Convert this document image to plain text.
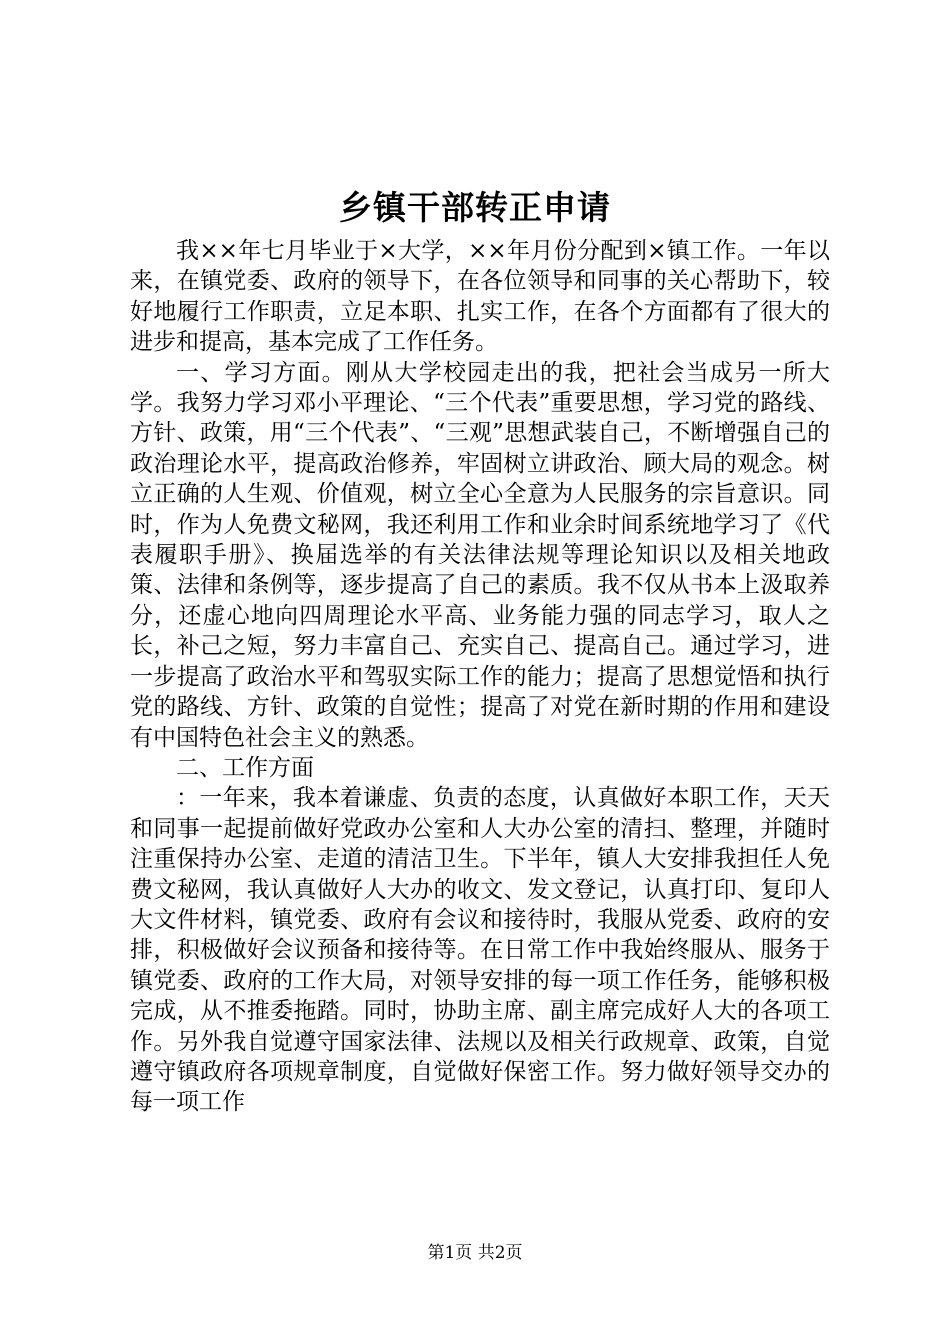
乡镇干部转正申请

我××年七月毕业于×大学，××年月份分配到×镇工作。一年以来，在镇党委、政府的领导下，在各位领导和同事的关心帮助下，较好地履行工作职责，立足本职、扎实工作，在各个方面都有了很大的进步和提高，基本完成了工作任务。

一、学习方面。刚从大学校园走出的我，把社会当成另一所大学。我努力学习邓小平理论、“三个代表”重要思想，学习党的路线、方针、政策，用“三个代表”、“三观”思想武装自己，不断增强自己的政治理论水平，提高政治修养，牢固树立讲政治、顾大局的观念。树立正确的人生观、价值观，树立全心全意为人民服务的宗旨意识。同时，作为人免费文秘网，我还利用工作和业余时间系统地学习了《代表履职手册》、换届选举的有关法律法规等理论知识以及相关地政策、法律和条例等，逐步提高了自己的素质。我不仅从书本上汲取养分，还虚心地向四周理论水平高、业务能力强的同志学习，取人之长，补己之短，努力丰富自己、充实自己、提高自己。通过学习，进一步提高了政治水平和驾驭实际工作的能力；提高了思想觉悟和执行党的路线、方针、政策的自觉性；提高了对党在新时期的作用和建设有中国特色社会主义的熟悉。

二、工作方面

：一年来，我本着谦虚、负责的态度，认真做好本职工作，天天和同事一起提前做好党政办公室和人大办公室的清扫、整理，并随时注重保持办公室、走道的清洁卫生。下半年，镇人大安排我担任人免费文秘网，我认真做好人大办的收文、发文登记，认真打印、复印人大文件材料，镇党委、政府有会议和接待时，我服从党委、政府的安排，积极做好会议预备和接待等。在日常工作中我始终服从、服务于镇党委、政府的工作大局，对领导安排的每一项工作任务，能够积极完成，从不推委拖踏。同时，协助主席、副主席完成好人大的各项工作。另外我自觉遵守国家法律、法规以及相关行政规章、政策，自觉遵守镇政府各项规章制度，自觉做好保密工作。努力做好领导交办的每一项工作

第1页 共2页
